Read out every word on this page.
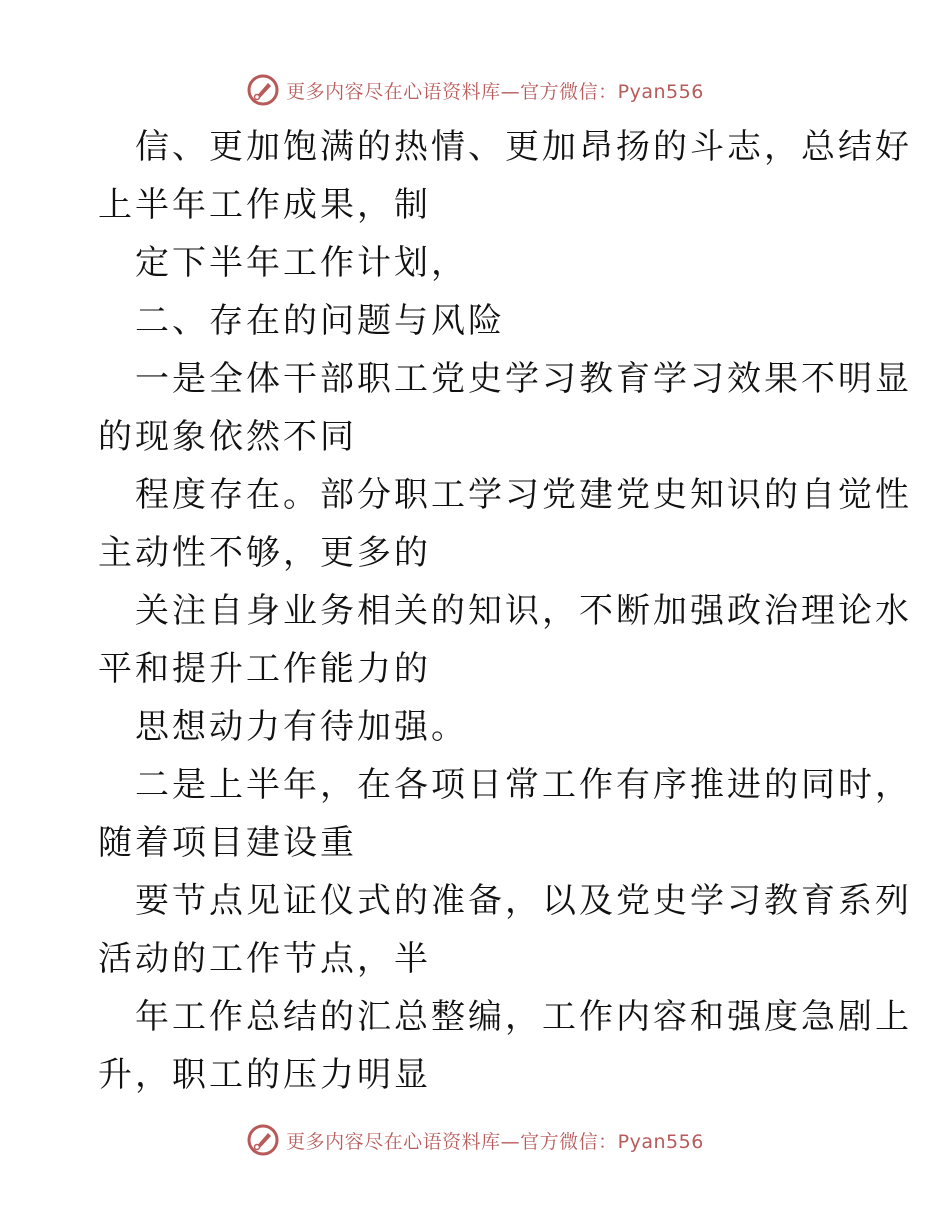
更多内容尽在心语资料库—官方微信：Pyan556
信、更加饱满的热情、更加昂扬的斗志，总结好
上半年工作成果，制
定下半年工作计划，
二、存在的问题与风险
一是全体干部职工党史学习教育学习效果不明显
的现象依然不同
程度存在。部分职工学习党建党史知识的自觉性
主动性不够，更多的
关注自身业务相关的知识，不断加强政治理论水
平和提升工作能力的
思想动力有待加强。
二是上半年，在各项日常工作有序推进的同时，
随着项目建设重
要节点见证仪式的准备，以及党史学习教育系列
活动的工作节点，半
年工作总结的汇总整编，工作内容和强度急剧上
升，职工的压力明显
更多内容尽在心语资料库—官方微信：Pyan556
